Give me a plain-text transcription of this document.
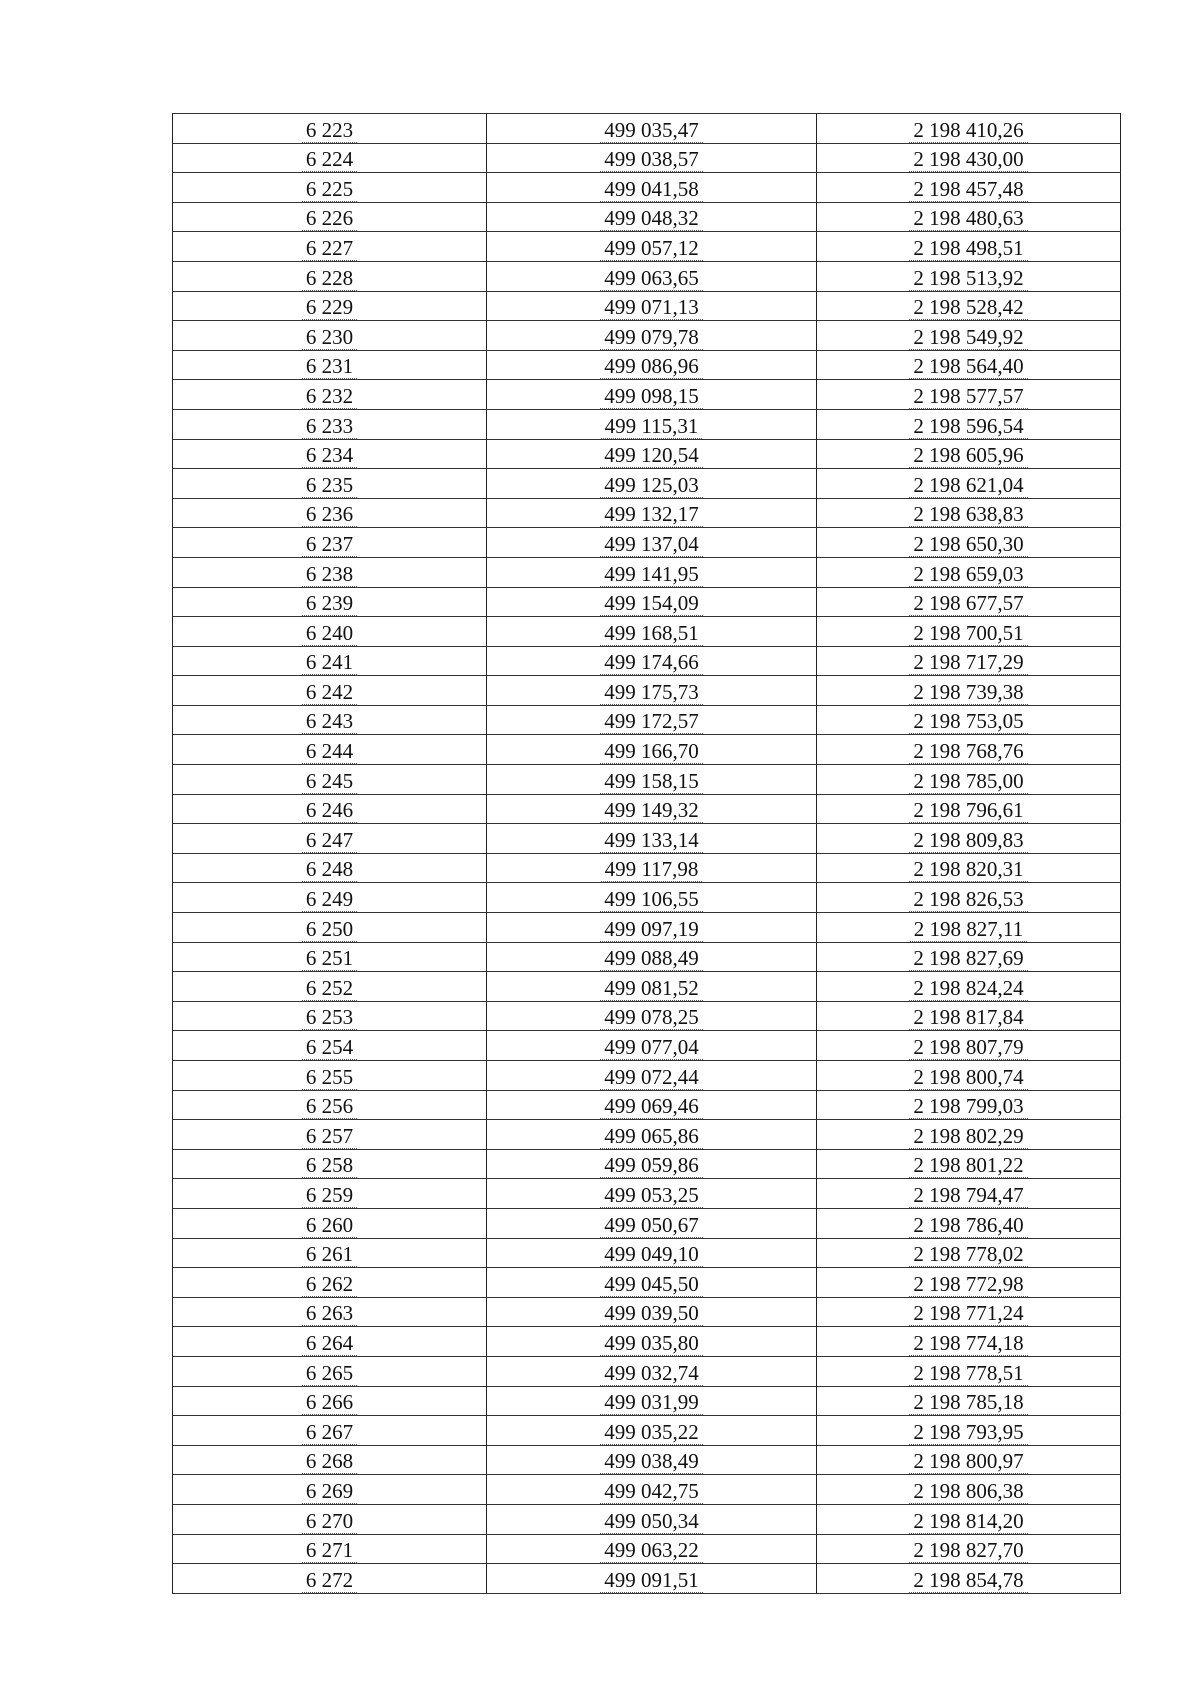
6 223	499 035,47	2 198 410,26
6 224	499 038,57	2 198 430,00
6 225	499 041,58	2 198 457,48
6 226	499 048,32	2 198 480,63
6 227	499 057,12	2 198 498,51
6 228	499 063,65	2 198 513,92
6 229	499 071,13	2 198 528,42
6 230	499 079,78	2 198 549,92
6 231	499 086,96	2 198 564,40
6 232	499 098,15	2 198 577,57
6 233	499 115,31	2 198 596,54
6 234	499 120,54	2 198 605,96
6 235	499 125,03	2 198 621,04
6 236	499 132,17	2 198 638,83
6 237	499 137,04	2 198 650,30
6 238	499 141,95	2 198 659,03
6 239	499 154,09	2 198 677,57
6 240	499 168,51	2 198 700,51
6 241	499 174,66	2 198 717,29
6 242	499 175,73	2 198 739,38
6 243	499 172,57	2 198 753,05
6 244	499 166,70	2 198 768,76
6 245	499 158,15	2 198 785,00
6 246	499 149,32	2 198 796,61
6 247	499 133,14	2 198 809,83
6 248	499 117,98	2 198 820,31
6 249	499 106,55	2 198 826,53
6 250	499 097,19	2 198 827,11
6 251	499 088,49	2 198 827,69
6 252	499 081,52	2 198 824,24
6 253	499 078,25	2 198 817,84
6 254	499 077,04	2 198 807,79
6 255	499 072,44	2 198 800,74
6 256	499 069,46	2 198 799,03
6 257	499 065,86	2 198 802,29
6 258	499 059,86	2 198 801,22
6 259	499 053,25	2 198 794,47
6 260	499 050,67	2 198 786,40
6 261	499 049,10	2 198 778,02
6 262	499 045,50	2 198 772,98
6 263	499 039,50	2 198 771,24
6 264	499 035,80	2 198 774,18
6 265	499 032,74	2 198 778,51
6 266	499 031,99	2 198 785,18
6 267	499 035,22	2 198 793,95
6 268	499 038,49	2 198 800,97
6 269	499 042,75	2 198 806,38
6 270	499 050,34	2 198 814,20
6 271	499 063,22	2 198 827,70
6 272	499 091,51	2 198 854,78
